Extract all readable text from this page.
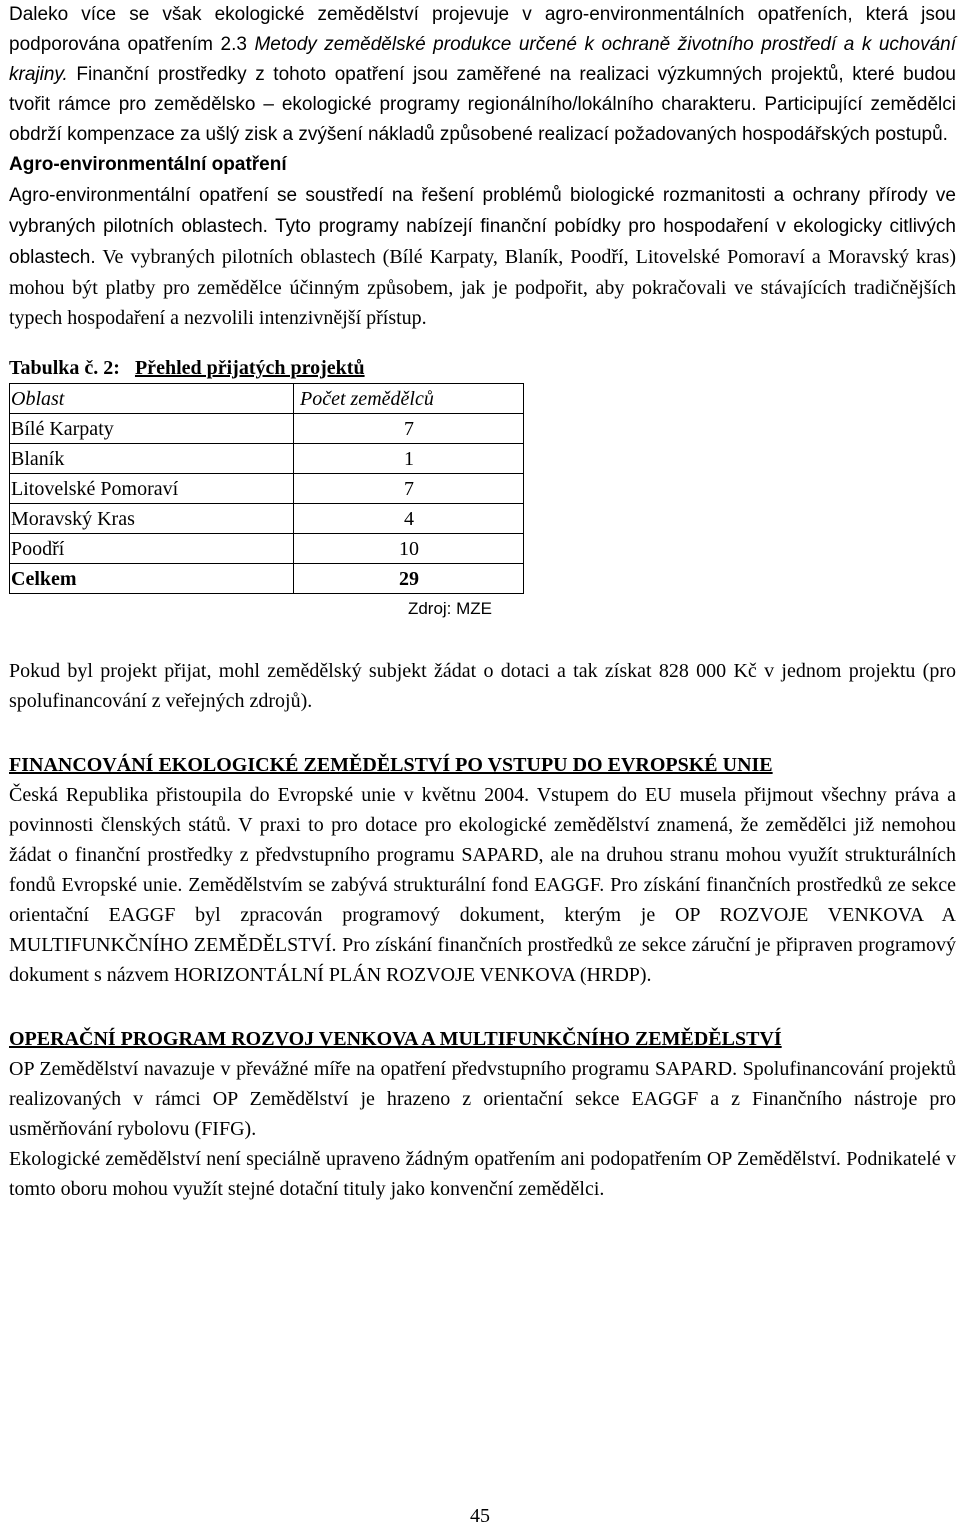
Daleko více se však ekologické zemědělství projevuje v agro-environmentálních opatřeních, která jsou podporována opatřením 2.3 Metody zemědělské produkce určené k ochraně životního prostředí a k uchování krajiny. Finanční prostředky z tohoto opatření jsou zaměřené na realizaci výzkumných projektů, které budou tvořit rámce pro zemědělsko – ekologické programy regionálního/lokálního charakteru. Participující zemědělci obdrží kompenzace za ušlý zisk a zvýšení nákladů způsobené realizací požadovaných hospodářských postupů.

Agro-environmentální opatření

Agro-environmentální opatření se soustředí na řešení problémů biologické rozmanitosti a ochrany přírody ve vybraných pilotních oblastech. Tyto programy nabízejí finanční pobídky pro hospodaření v ekologicky citlivých oblastech. Ve vybraných pilotních oblastech (Bílé Karpaty, Blaník, Poodří, Litovelské Pomoraví a Moravský kras) mohou být platby pro zemědělce účinným způsobem, jak je podpořit, aby pokračovali ve stávajících tradičnějších typech hospodaření a nezvolili intenzivnější přístup.

Tabulka č. 2: Přehled přijatých projektů
Oblast	Počet zemědělců
Bílé Karpaty	7
Blaník	1
Litovelské Pomoraví	7
Moravský Kras	4
Poodří	10
Celkem	29
Zdroj: MZE

Pokud byl projekt přijat, mohl zemědělský subjekt žádat o dotaci a tak získat 828 000 Kč v jednom projektu (pro spolufinancování z veřejných zdrojů).

FINANCOVÁNÍ EKOLOGICKÉ ZEMĚDĚLSTVÍ PO VSTUPU DO EVROPSKÉ UNIE

Česká Republika přistoupila do Evropské unie v květnu 2004. Vstupem do EU musela přijmout všechny práva a povinnosti členských států. V praxi to pro dotace pro ekologické zemědělství znamená, že zemědělci již nemohou žádat o finanční prostředky z předvstupního programu SAPARD, ale na druhou stranu mohou využít strukturálních fondů Evropské unie. Zemědělstvím se zabývá strukturální fond EAGGF. Pro získání finančních prostředků ze sekce orientační EAGGF byl zpracován programový dokument, kterým je OP ROZVOJE VENKOVA A MULTIFUNKČNÍHO ZEMĚDĚLSTVÍ. Pro získání finančních prostředků ze sekce záruční je připraven programový dokument s názvem HORIZONTÁLNÍ PLÁN ROZVOJE VENKOVA (HRDP).

OPERAČNÍ PROGRAM ROZVOJ VENKOVA A MULTIFUNKČNÍHO ZEMĚDĚLSTVÍ

OP Zemědělství navazuje v převážné míře na opatření předvstupního programu SAPARD. Spolufinancování projektů realizovaných v rámci OP Zemědělství je hrazeno z orientační sekce EAGGF a z Finančního nástroje pro usměrňování rybolovu (FIFG).

Ekologické zemědělství není speciálně upraveno žádným opatřením ani podopatřením OP Zemědělství. Podnikatelé v tomto oboru mohou využít stejné dotační tituly jako konvenční zemědělci.

45
